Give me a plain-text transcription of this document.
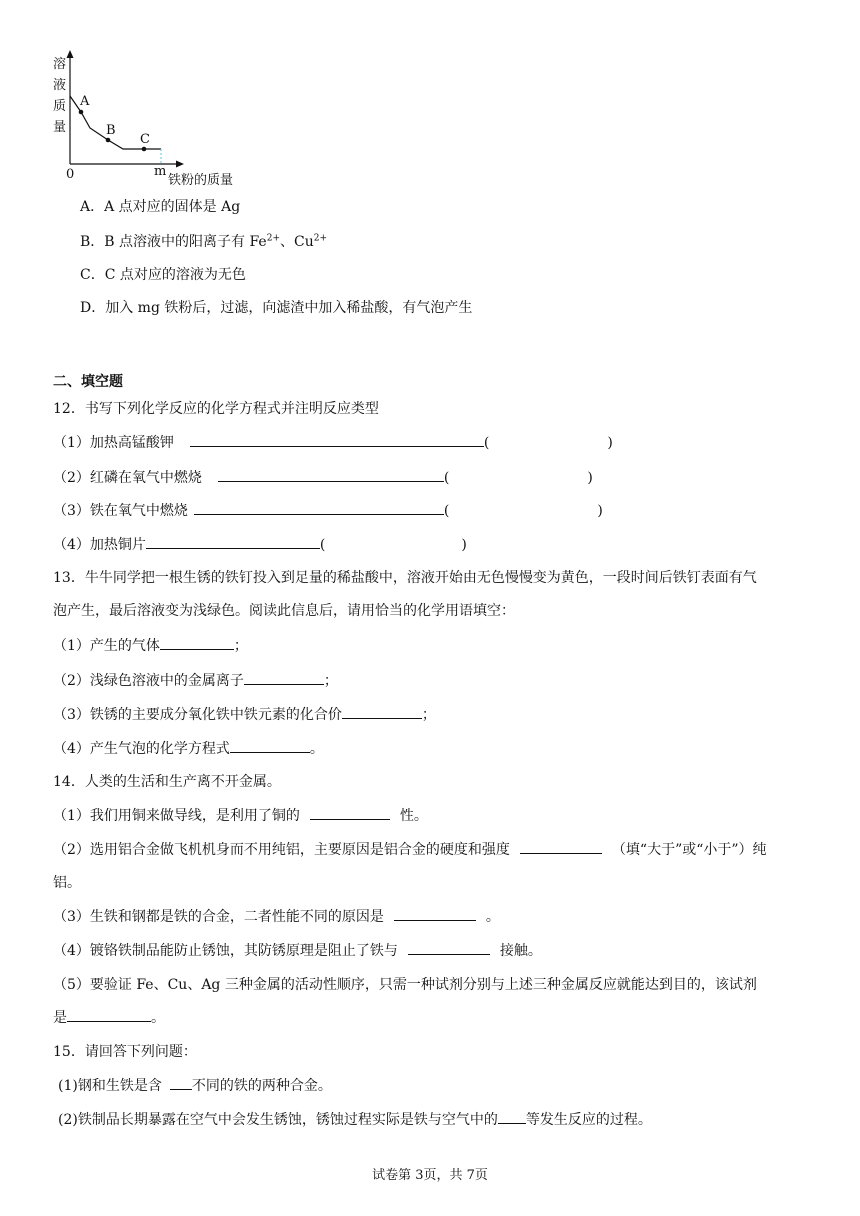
溶
液
质
量
A
B
C
0	m
铁粉的质量
A．A 点对应的固体是 Ag
B．B 点溶液中的阳离子有 $Fe^{2+}$、$Cu^{2+}$
C．C 点对应的溶液为无色
D．加入 mg 铁粉后，过滤，向滤渣中加入稀盐酸，有气泡产生
二、填空题
12．书写下列化学反应的化学方程式并注明反应类型
（1）加热高锰酸钾	(	)
（2）红磷在氧气中燃烧	(	)
（3）铁在氧气中燃烧	(	)
（4）加热铜片	(	)
13．牛牛同学把一根生锈的铁钉投入到足量的稀盐酸中，溶液开始由无色慢慢变为黄色，一段时间后铁钉表面有气
泡产生，最后溶液变为浅绿色。阅读此信息后，请用恰当的化学用语填空：
（1）产生的气体	；
（2）浅绿色溶液中的金属离子	；
（3）铁锈的主要成分氧化铁中铁元素的化合价	；
（4）产生气泡的化学方程式	。
14．人类的生活和生产离不开金属。
（1）我们用铜来做导线，是利用了铜的	性。
（2）选用铝合金做飞机机身而不用纯铝，主要原因是铝合金的硬度和强度	（填“大于”或“小于”）纯
铝。
（3）生铁和钢都是铁的合金，二者性能不同的原因是	。
（4）镀铬铁制品能防止锈蚀，其防锈原理是阻止了铁与	接触。
（5）要验证 Fe、Cu、Ag 三种金属的活动性顺序，只需一种试剂分别与上述三种金属反应就能达到目的，该试剂
是	。
15．请回答下列问题：
(1)钢和生铁是含 不同的铁的两种合金。
(2)铁制品长期暴露在空气中会发生锈蚀，锈蚀过程实际是铁与空气中的 等发生反应的过程。
试卷第 3页，共 7页
